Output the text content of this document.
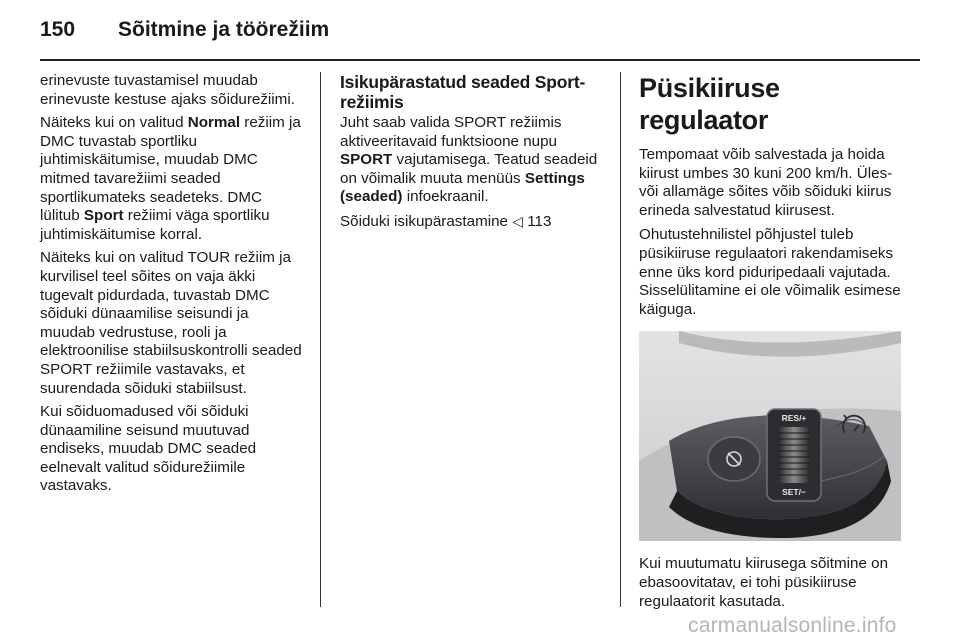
150 Sõitmine ja töörežiim

erinevuste tuvastamisel muudab erinevuste kestuse ajaks sõidurežiimi.

Näiteks kui on valitud Normal režiim ja DMC tuvastab sportliku juhtimiskäitumise, muudab DMC mitmed tavarežiimi seaded sportlikumateks seadeteks. DMC lülitub Sport režiimi väga sportliku juhtimiskäitumise korral.

Näiteks kui on valitud TOUR režiim ja kurvilisel teel sõites on vaja äkki tugevalt pidurdada, tuvastab DMC sõiduki dünaamilise seisundi ja muudab vedrustuse, rooli ja elektroonilise stabiilsuskontrolli seaded SPORT režiimile vastavaks, et suurendada sõiduki stabiilsust.

Kui sõiduomadused või sõiduki dünaamiline seisund muutuvad endiseks, muudab DMC seaded eelnevalt valitud sõidurežiimile vastavaks.

Isikupärastatud seaded Sport-režiimis

Juht saab valida SPORT režiimis aktiveeritavaid funktsioone nupu SPORT vajutamisega. Teatud seadeid on võimalik muuta menüüs Settings (seaded) infoekraanil.

Sõiduki isikupärastamine ◁ 113

Püsikiiruse regulaator

Tempomaat võib salvestada ja hoida kiirust umbes 30 kuni 200 km/h. Üles- või allamäge sõites võib sõiduki kiirus erineda salvestatud kiirusest.

Ohutustehnilistel põhjustel tuleb püsikiiruse regulaatori rakendamiseks enne üks kord piduripedaali vajutada. Sisselülitamine ei ole võimalik esimese käiguga.

RES/+
SET/−

Kui muutumatu kiirusega sõitmine on ebasoovitatav, ei tohi püsikiiruse regulaatorit kasutada.

carmanualsonline.info
